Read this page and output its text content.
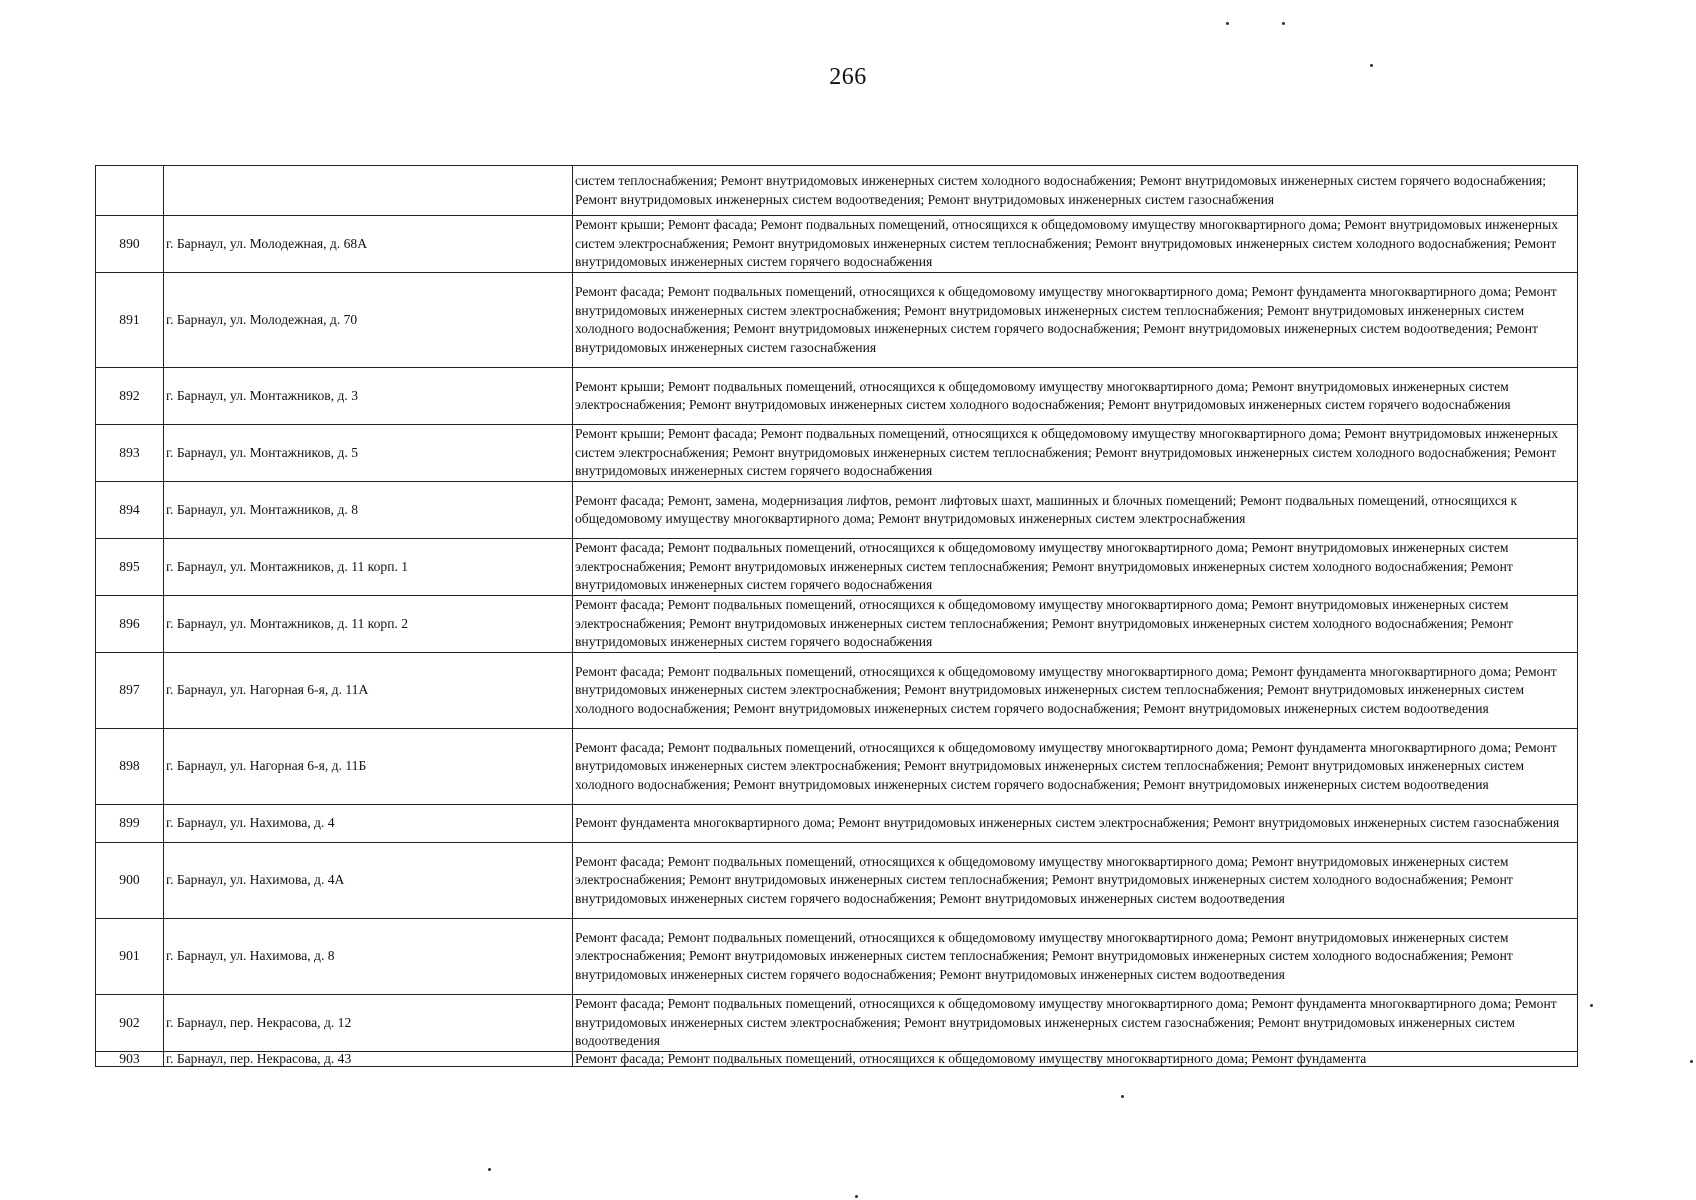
266
		систем теплоснабжения; Ремонт внутридомовых инженерных систем холодного водоснабжения; Ремонт внутридомовых инженерных систем горячего водоснабжения; Ремонт внутридомовых инженерных систем водоотведения; Ремонт внутридомовых инженерных систем газоснабжения
890	г. Барнаул, ул. Молодежная, д. 68А	Ремонт крыши; Ремонт фасада; Ремонт подвальных помещений, относящихся к общедомовому имуществу многоквартирного дома; Ремонт внутридомовых инженерных систем электроснабжения; Ремонт внутридомовых инженерных систем теплоснабжения; Ремонт внутридомовых инженерных систем холодного водоснабжения; Ремонт внутридомовых инженерных систем горячего водоснабжения
891	г. Барнаул, ул. Молодежная, д. 70	Ремонт фасада; Ремонт подвальных помещений, относящихся к общедомовому имуществу многоквартирного дома; Ремонт фундамента многоквартирного дома; Ремонт внутридомовых инженерных систем электроснабжения; Ремонт внутридомовых инженерных систем теплоснабжения; Ремонт внутридомовых инженерных систем холодного водоснабжения; Ремонт внутридомовых инженерных систем горячего водоснабжения; Ремонт внутридомовых инженерных систем водоотведения; Ремонт внутридомовых инженерных систем газоснабжения
892	г. Барнаул, ул. Монтажников, д. 3	Ремонт крыши; Ремонт подвальных помещений, относящихся к общедомовому имуществу многоквартирного дома; Ремонт внутридомовых инженерных систем электроснабжения; Ремонт внутридомовых инженерных систем холодного водоснабжения; Ремонт внутридомовых инженерных систем горячего водоснабжения
893	г. Барнаул, ул. Монтажников, д. 5	Ремонт крыши; Ремонт фасада; Ремонт подвальных помещений, относящихся к общедомовому имуществу многоквартирного дома; Ремонт внутридомовых инженерных систем электроснабжения; Ремонт внутридомовых инженерных систем теплоснабжения; Ремонт внутридомовых инженерных систем холодного водоснабжения; Ремонт внутридомовых инженерных систем горячего водоснабжения
894	г. Барнаул, ул. Монтажников, д. 8	Ремонт фасада; Ремонт, замена, модернизация лифтов, ремонт лифтовых шахт, машинных и блочных помещений; Ремонт подвальных помещений, относящихся к общедомовому имуществу многоквартирного дома; Ремонт внутридомовых инженерных систем электроснабжения
895	г. Барнаул, ул. Монтажников, д. 11 корп. 1	Ремонт фасада; Ремонт подвальных помещений, относящихся к общедомовому имуществу многоквартирного дома; Ремонт внутридомовых инженерных систем электроснабжения; Ремонт внутридомовых инженерных систем теплоснабжения; Ремонт внутридомовых инженерных систем холодного водоснабжения; Ремонт внутридомовых инженерных систем горячего водоснабжения
896	г. Барнаул, ул. Монтажников, д. 11 корп. 2	Ремонт фасада; Ремонт подвальных помещений, относящихся к общедомовому имуществу многоквартирного дома; Ремонт внутридомовых инженерных систем электроснабжения; Ремонт внутридомовых инженерных систем теплоснабжения; Ремонт внутридомовых инженерных систем холодного водоснабжения; Ремонт внутридомовых инженерных систем горячего водоснабжения
897	г. Барнаул, ул. Нагорная 6-я, д. 11А	Ремонт фасада; Ремонт подвальных помещений, относящихся к общедомовому имуществу многоквартирного дома; Ремонт фундамента многоквартирного дома; Ремонт внутридомовых инженерных систем электроснабжения; Ремонт внутридомовых инженерных систем теплоснабжения; Ремонт внутридомовых инженерных систем холодного водоснабжения; Ремонт внутридомовых инженерных систем горячего водоснабжения; Ремонт внутридомовых инженерных систем водоотведения
898	г. Барнаул, ул. Нагорная 6-я, д. 11Б	Ремонт фасада; Ремонт подвальных помещений, относящихся к общедомовому имуществу многоквартирного дома; Ремонт фундамента многоквартирного дома; Ремонт внутридомовых инженерных систем электроснабжения; Ремонт внутридомовых инженерных систем теплоснабжения; Ремонт внутридомовых инженерных систем холодного водоснабжения; Ремонт внутридомовых инженерных систем горячего водоснабжения; Ремонт внутридомовых инженерных систем водоотведения
899	г. Барнаул, ул. Нахимова, д. 4	Ремонт фундамента многоквартирного дома; Ремонт внутридомовых инженерных систем электроснабжения; Ремонт внутридомовых инженерных систем газоснабжения
900	г. Барнаул, ул. Нахимова, д. 4А	Ремонт фасада; Ремонт подвальных помещений, относящихся к общедомовому имуществу многоквартирного дома; Ремонт внутридомовых инженерных систем электроснабжения; Ремонт внутридомовых инженерных систем теплоснабжения; Ремонт внутридомовых инженерных систем холодного водоснабжения; Ремонт внутридомовых инженерных систем горячего водоснабжения; Ремонт внутридомовых инженерных систем водоотведения
901	г. Барнаул, ул. Нахимова, д. 8	Ремонт фасада; Ремонт подвальных помещений, относящихся к общедомовому имуществу многоквартирного дома; Ремонт внутридомовых инженерных систем электроснабжения; Ремонт внутридомовых инженерных систем теплоснабжения; Ремонт внутридомовых инженерных систем холодного водоснабжения; Ремонт внутридомовых инженерных систем горячего водоснабжения; Ремонт внутридомовых инженерных систем водоотведения
902	г. Барнаул, пер. Некрасова, д. 12	Ремонт фасада; Ремонт подвальных помещений, относящихся к общедомовому имуществу многоквартирного дома; Ремонт фундамента многоквартирного дома; Ремонт внутридомовых инженерных систем электроснабжения; Ремонт внутридомовых инженерных систем газоснабжения; Ремонт внутридомовых инженерных систем водоотведения
903	г. Барнаул, пер. Некрасова, д. 43	Ремонт фасада; Ремонт подвальных помещений, относящихся к общедомовому имуществу многоквартирного дома; Ремонт фундамента
